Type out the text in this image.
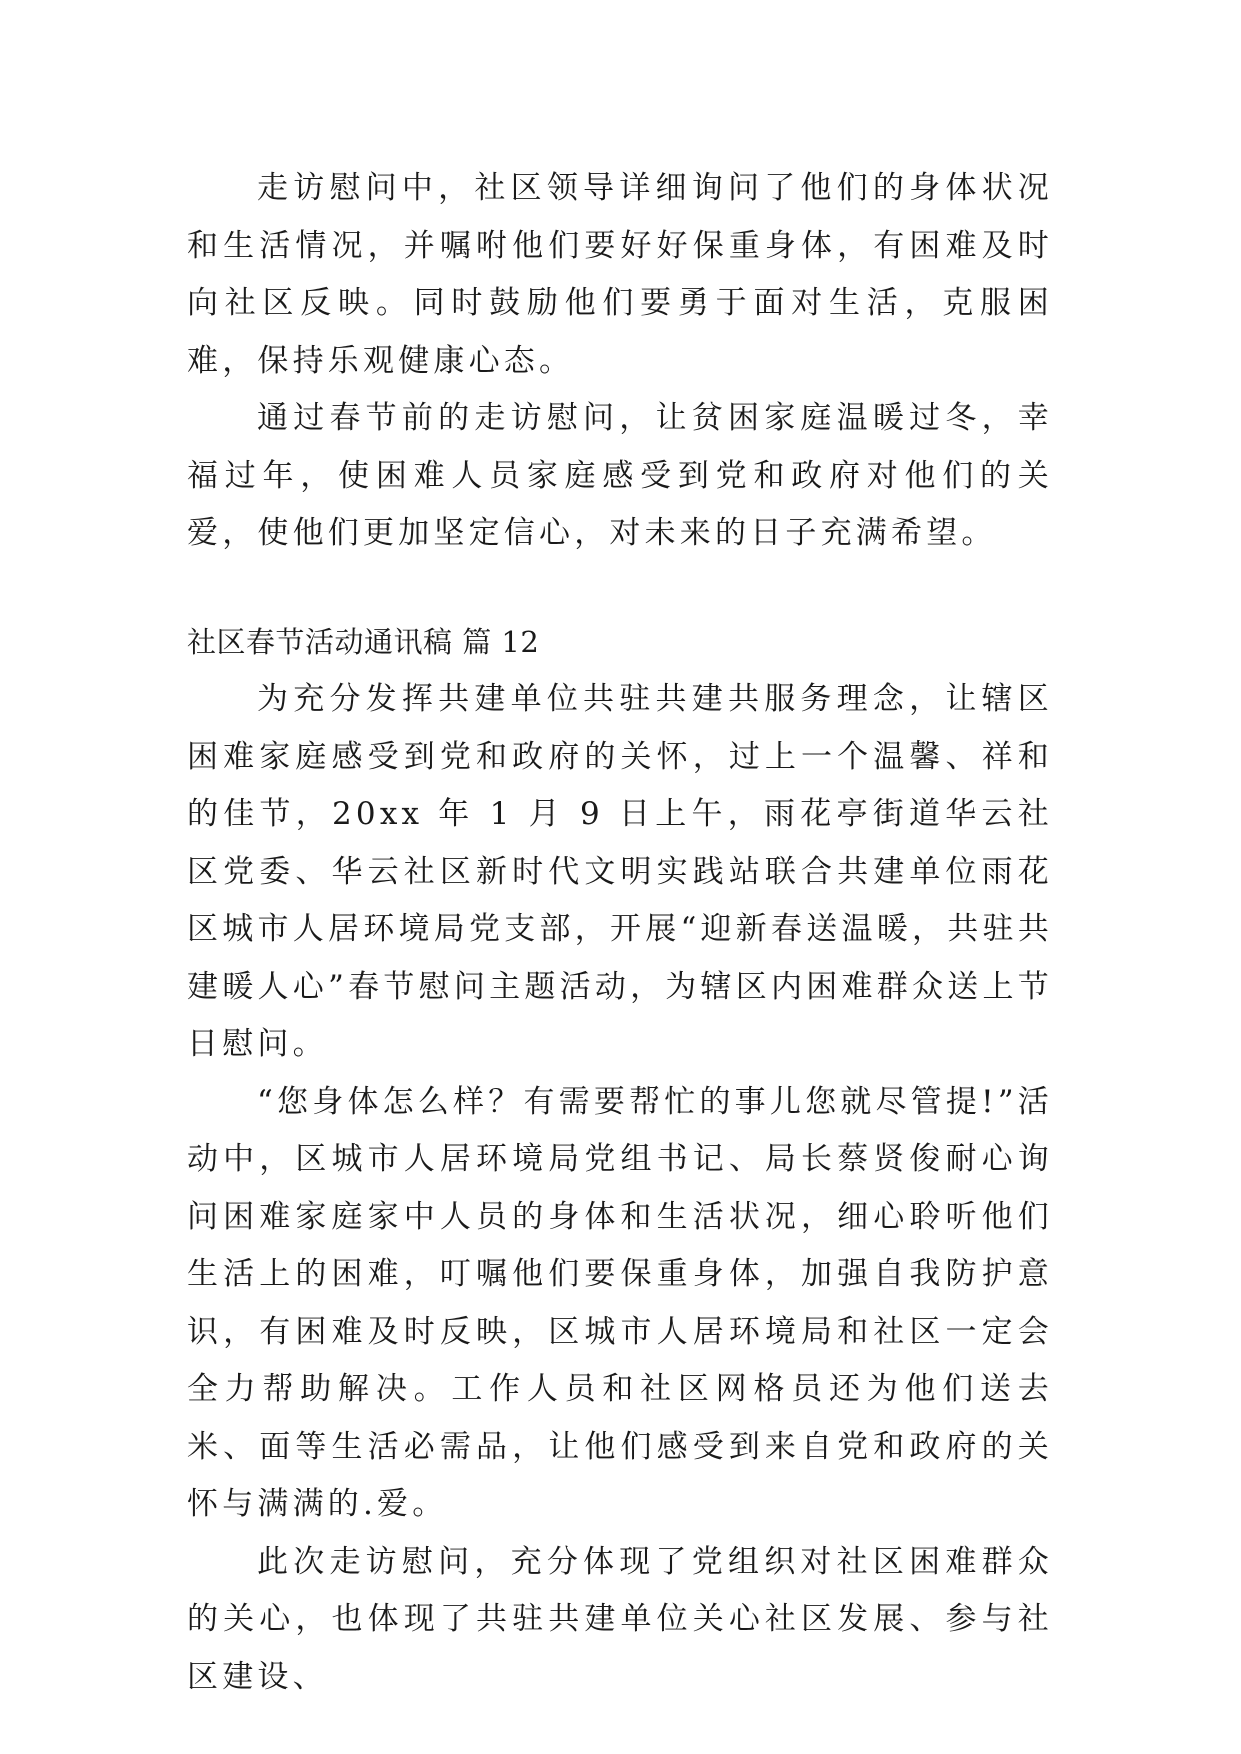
走访慰问中，社区领导详细询问了他们的身体状况和生活情况，并嘱咐他们要好好保重身体，有困难及时向社区反映。同时鼓励他们要勇于面对生活，克服困难，保持乐观健康心态。

通过春节前的走访慰问，让贫困家庭温暖过冬，幸福过年，使困难人员家庭感受到党和政府对他们的关爱，使他们更加坚定信心，对未来的日子充满希望。

社区春节活动通讯稿 篇 12

为充分发挥共建单位共驻共建共服务理念，让辖区困难家庭感受到党和政府的关怀，过上一个温馨、祥和的佳节，20xx 年 1 月 9 日上午，雨花亭街道华云社区党委、华云社区新时代文明实践站联合共建单位雨花区城市人居环境局党支部，开展“迎新春送温暖，共驻共建暖人心”春节慰问主题活动，为辖区内困难群众送上节日慰问。

“您身体怎么样？有需要帮忙的事儿您就尽管提!”活动中，区城市人居环境局党组书记、局长蔡贤俊耐心询问困难家庭家中人员的身体和生活状况，细心聆听他们生活上的困难，叮嘱他们要保重身体，加强自我防护意识，有困难及时反映，区城市人居环境局和社区一定会全力帮助解决。工作人员和社区网格员还为他们送去米、面等生活必需品，让他们感受到来自党和政府的关怀与满满的.爱。

此次走访慰问，充分体现了党组织对社区困难群众的关心，也体现了共驻共建单位关心社区发展、参与社区建设、
